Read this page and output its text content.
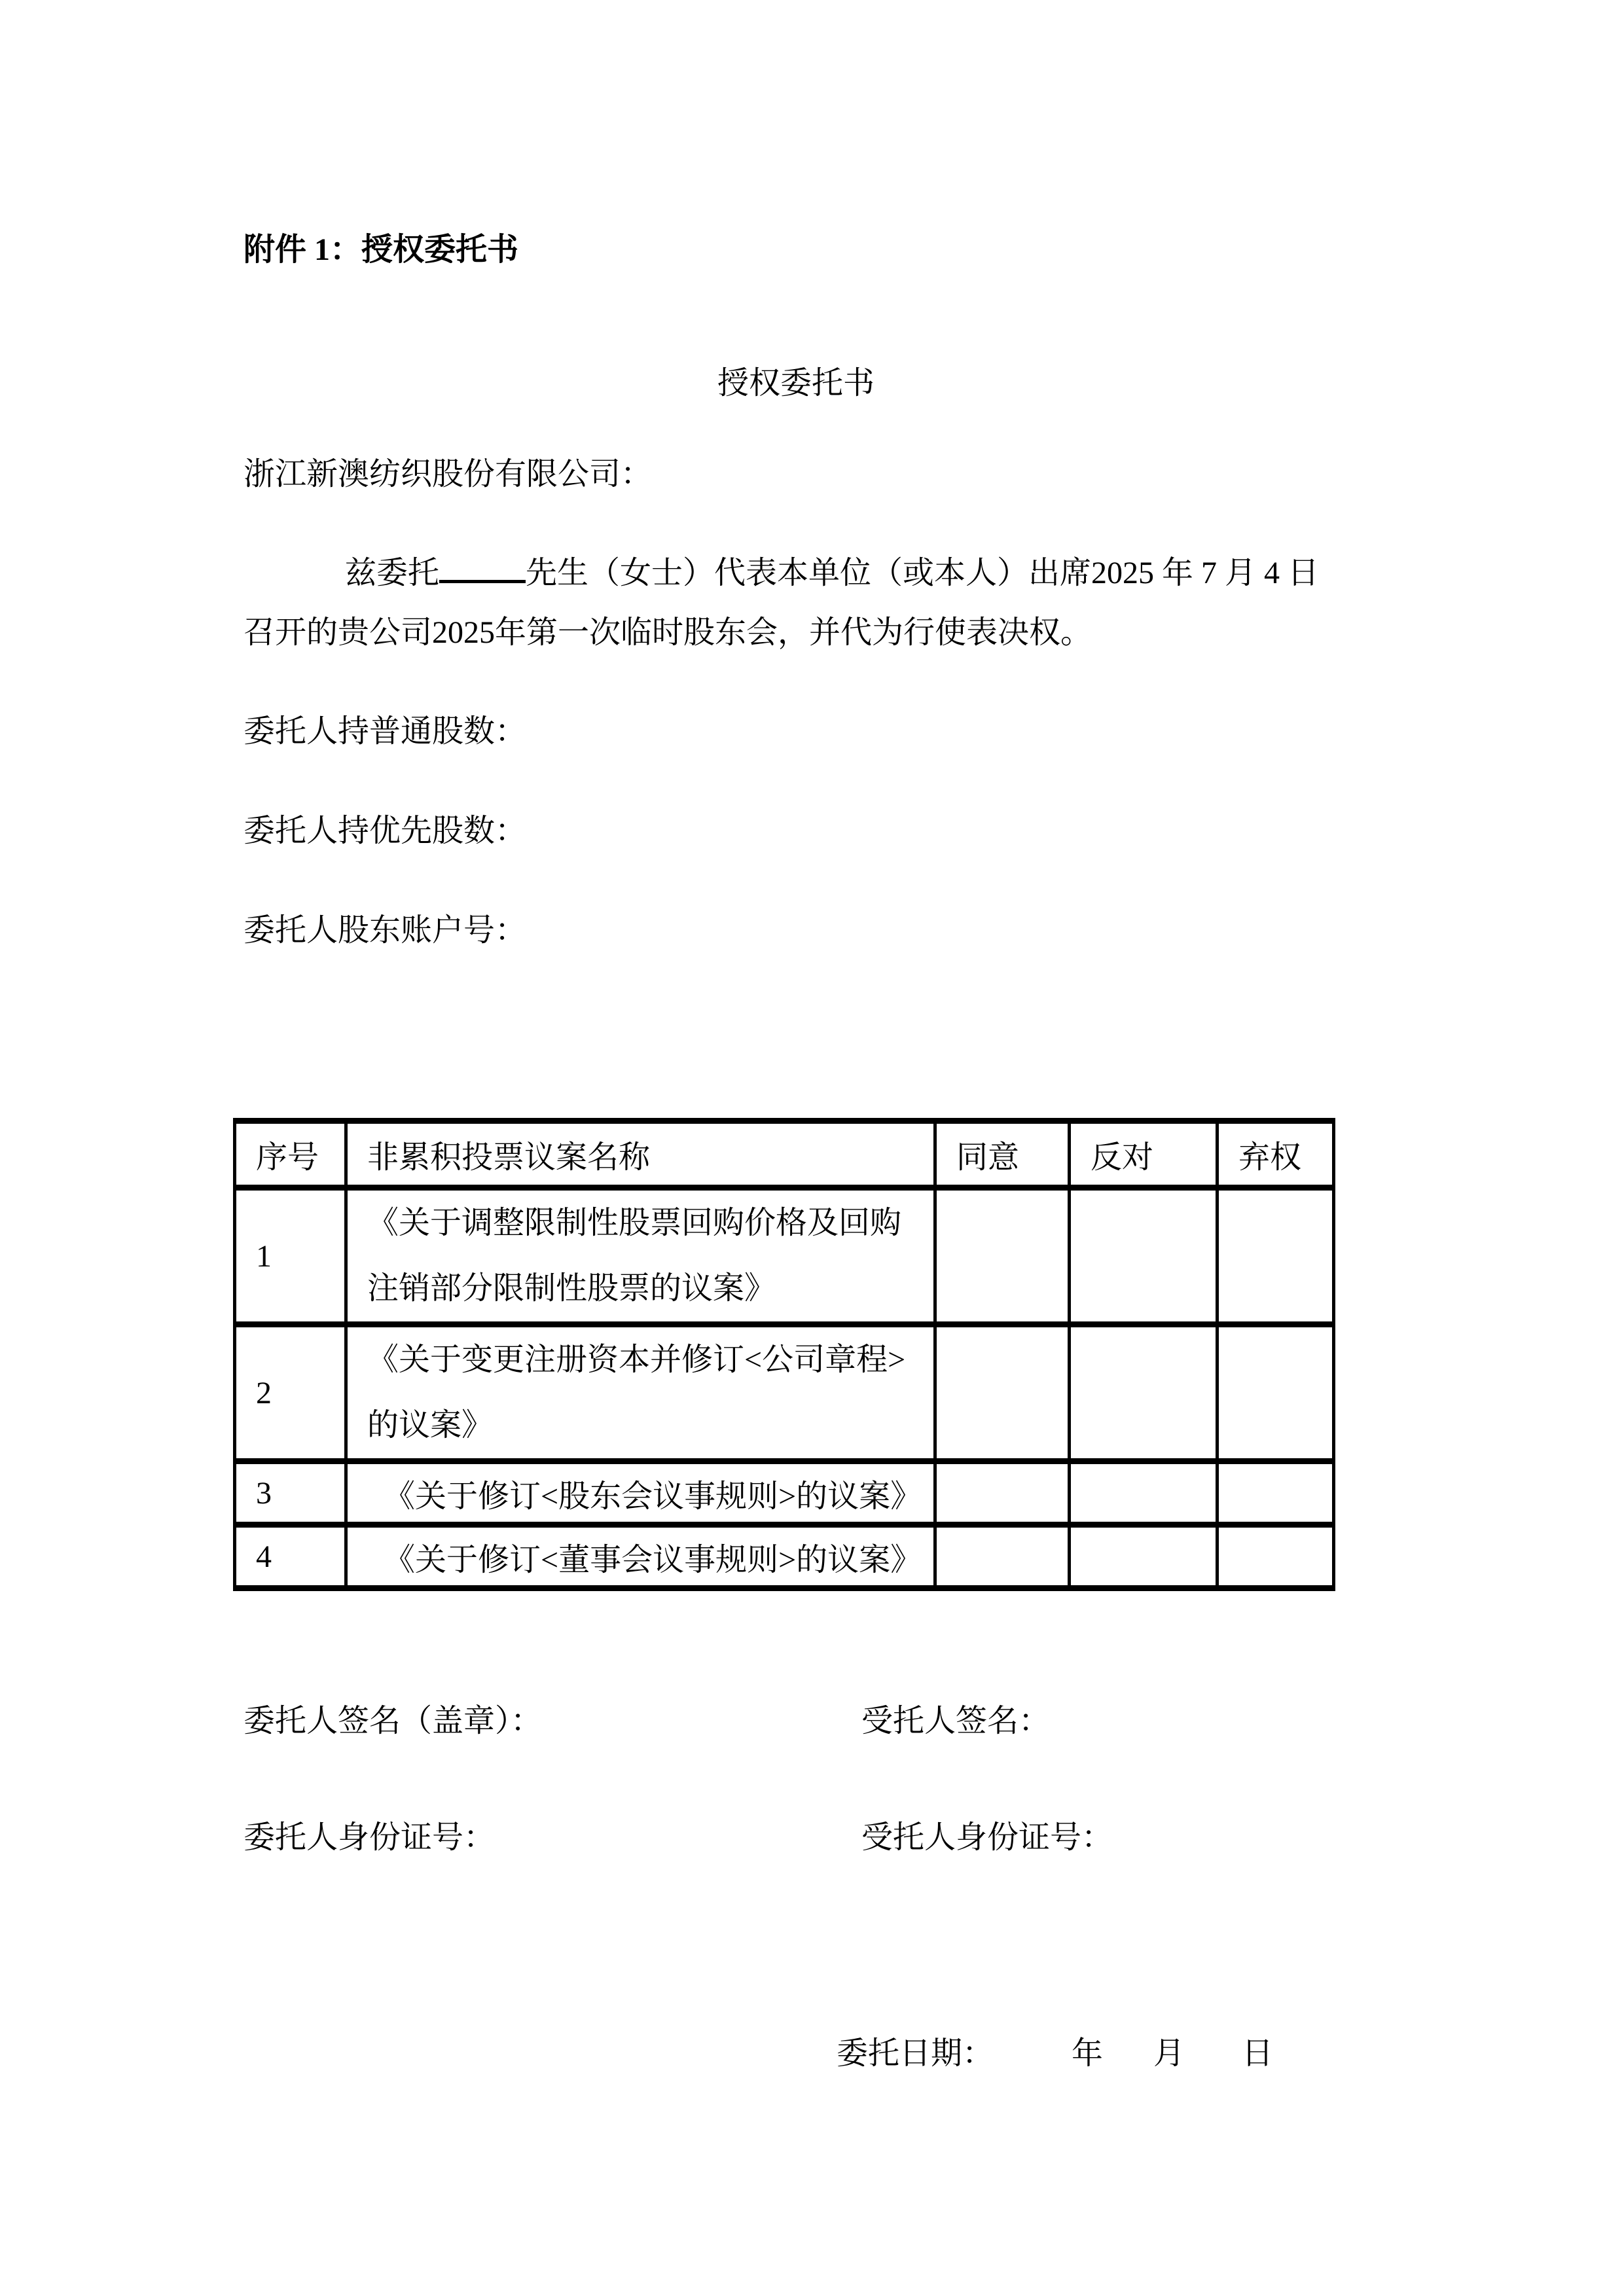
附件 1：授权委托书
授权委托书
浙江新澳纺织股份有限公司：
兹委托	先生（女士）代表本单位（或本人）出席2025 年 7 月 4 日
召开的贵公司2025年第一次临时股东会，并代为行使表决权。
委托人持普通股数：
委托人持优先股数：
委托人股东账户号：
序号	非累积投票议案名称	同意	反对	弃权
1	《关于调整限制性股票回购价格及回购
注销部分限制性股票的议案》			

2	《关于变更注册资本并修订<公司章程>
的议案》			

3	《关于修订<股东会议事规则>的议案》			
4	《关于修订<董事会议事规则>的议案》			
委托人签名（盖章）：	受托人签名：
委托人身份证号：	受托人身份证号：
委托日期： 年 月 日
